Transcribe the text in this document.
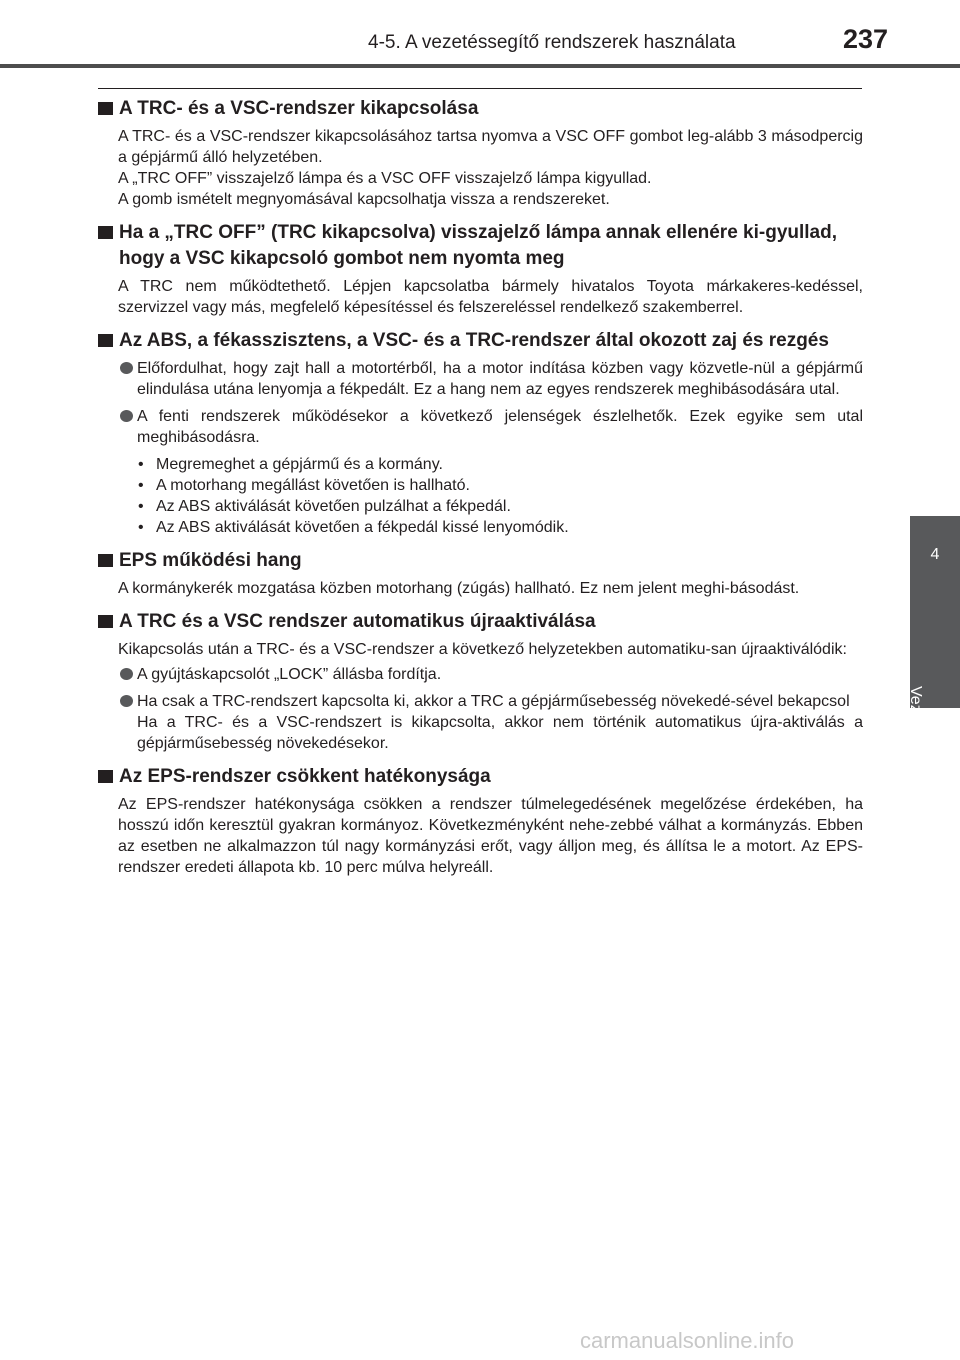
4-5. A vezetéssegítő rendszerek használata	237
4
Vezetés
A TRC- és a VSC-rendszer kikapcsolása
A TRC- és a VSC-rendszer kikapcsolásához tartsa nyomva a VSC OFF gombot leg-alább 3 másodpercig a gépjármű álló helyzetében.
A „TRC OFF” visszajelző lámpa és a VSC OFF visszajelző lámpa kigyullad.
A gomb ismételt megnyomásával kapcsolhatja vissza a rendszereket.
Ha a „TRC OFF” (TRC kikapcsolva) visszajelző lámpa annak ellenére ki-gyullad, hogy a VSC kikapcsoló gombot nem nyomta meg
A TRC nem működtethető. Lépjen kapcsolatba bármely hivatalos Toyota márkakeres-kedéssel, szervizzel vagy más, megfelelő képesítéssel és felszereléssel rendelkező szakemberrel.
Az ABS, a fékasszisztens, a VSC- és a TRC-rendszer által okozott zaj és rezgés
Előfordulhat, hogy zajt hall a motortérből, ha a motor indítása közben vagy közvetle-nül a gépjármű elindulása utána lenyomja a fékpedált. Ez a hang nem az egyes rendszerek meghibásodására utal.
A fenti rendszerek működésekor a következő jelenségek észlelhetők. Ezek egyike sem utal meghibásodásra.
• Megremeghet a gépjármű és a kormány.
• A motorhang megállást követően is hallható.
• Az ABS aktiválását követően pulzálhat a fékpedál.
• Az ABS aktiválását követően a fékpedál kissé lenyomódik.
EPS működési hang
A kormánykerék mozgatása közben motorhang (zúgás) hallható. Ez nem jelent meghi-básodást.
A TRC és a VSC rendszer automatikus újraaktiválása
Kikapcsolás után a TRC- és a VSC-rendszer a következő helyzetekben automatiku-san újraaktiválódik:
A gyújtáskapcsolót „LOCK” állásba fordítja.
Ha csak a TRC-rendszert kapcsolta ki, akkor a TRC a gépjárműsebesség növekedé-sével bekapcsol
Ha a TRC- és a VSC-rendszert is kikapcsolta, akkor nem történik automatikus újra-aktiválás a gépjárműsebesség növekedésekor.
Az EPS-rendszer csökkent hatékonysága
Az EPS-rendszer hatékonysága csökken a rendszer túlmelegedésének megelőzése érdekében, ha hosszú időn keresztül gyakran kormányoz. Következményként nehe-zebbé válhat a kormányzás. Ebben az esetben ne alkalmazzon túl nagy kormányzási erőt, vagy álljon meg, és állítsa le a motort. Az EPS-rendszer eredeti állapota kb. 10 perc múlva helyreáll.
carmanualsonline.info
